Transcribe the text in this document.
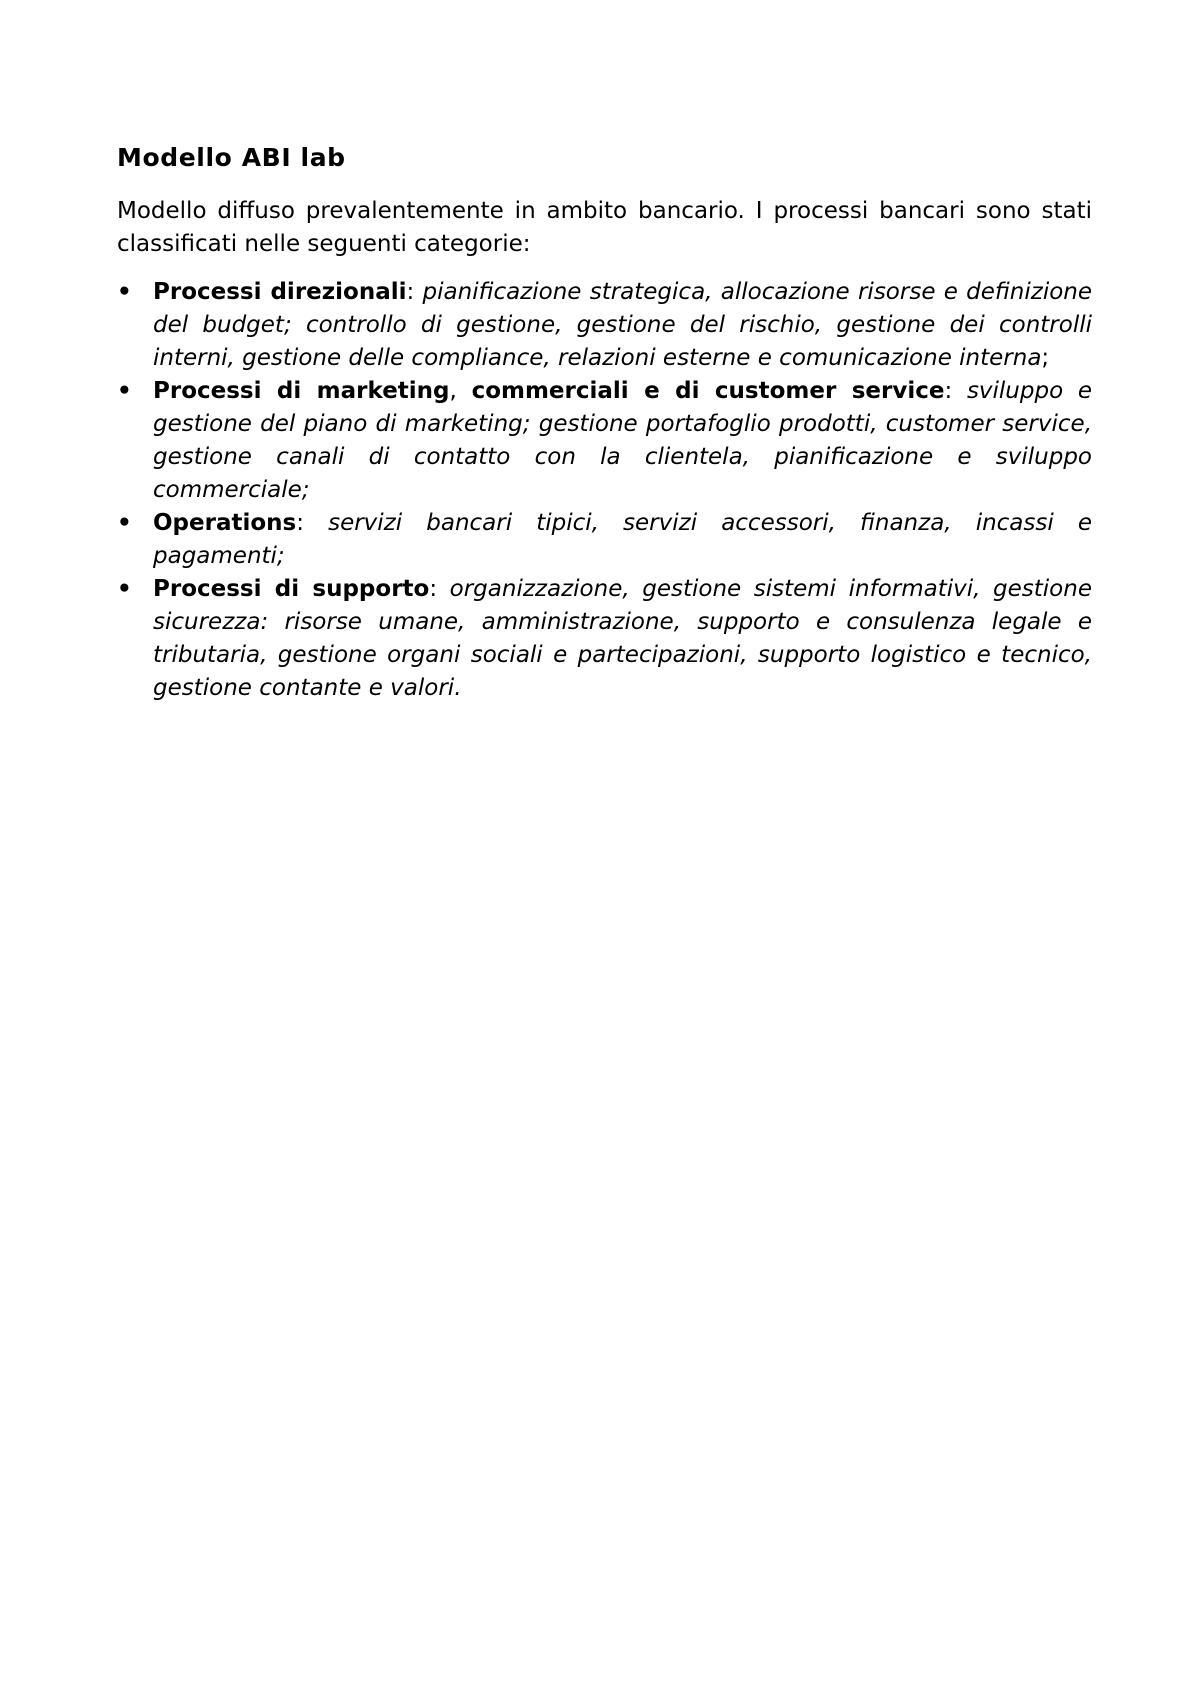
Modello ABI lab

Modello diffuso prevalentemente in ambito bancario. I processi bancari sono stati classificati nelle seguenti categorie:

• Processi direzionali: pianificazione strategica, allocazione risorse e definizione del budget; controllo di gestione, gestione del rischio, gestione dei controlli interni, gestione delle compliance, relazioni esterne e comunicazione interna;
• Processi di marketing, commerciali e di customer service: sviluppo e gestione del piano di marketing; gestione portafoglio prodotti, customer service, gestione canali di contatto con la clientela, pianificazione e sviluppo commerciale;
• Operations: servizi bancari tipici, servizi accessori, finanza, incassi e pagamenti;
• Processi di supporto: organizzazione, gestione sistemi informativi, gestione sicurezza: risorse umane, amministrazione, supporto e consulenza legale e tributaria, gestione organi sociali e partecipazioni, supporto logistico e tecnico, gestione contante e valori.
